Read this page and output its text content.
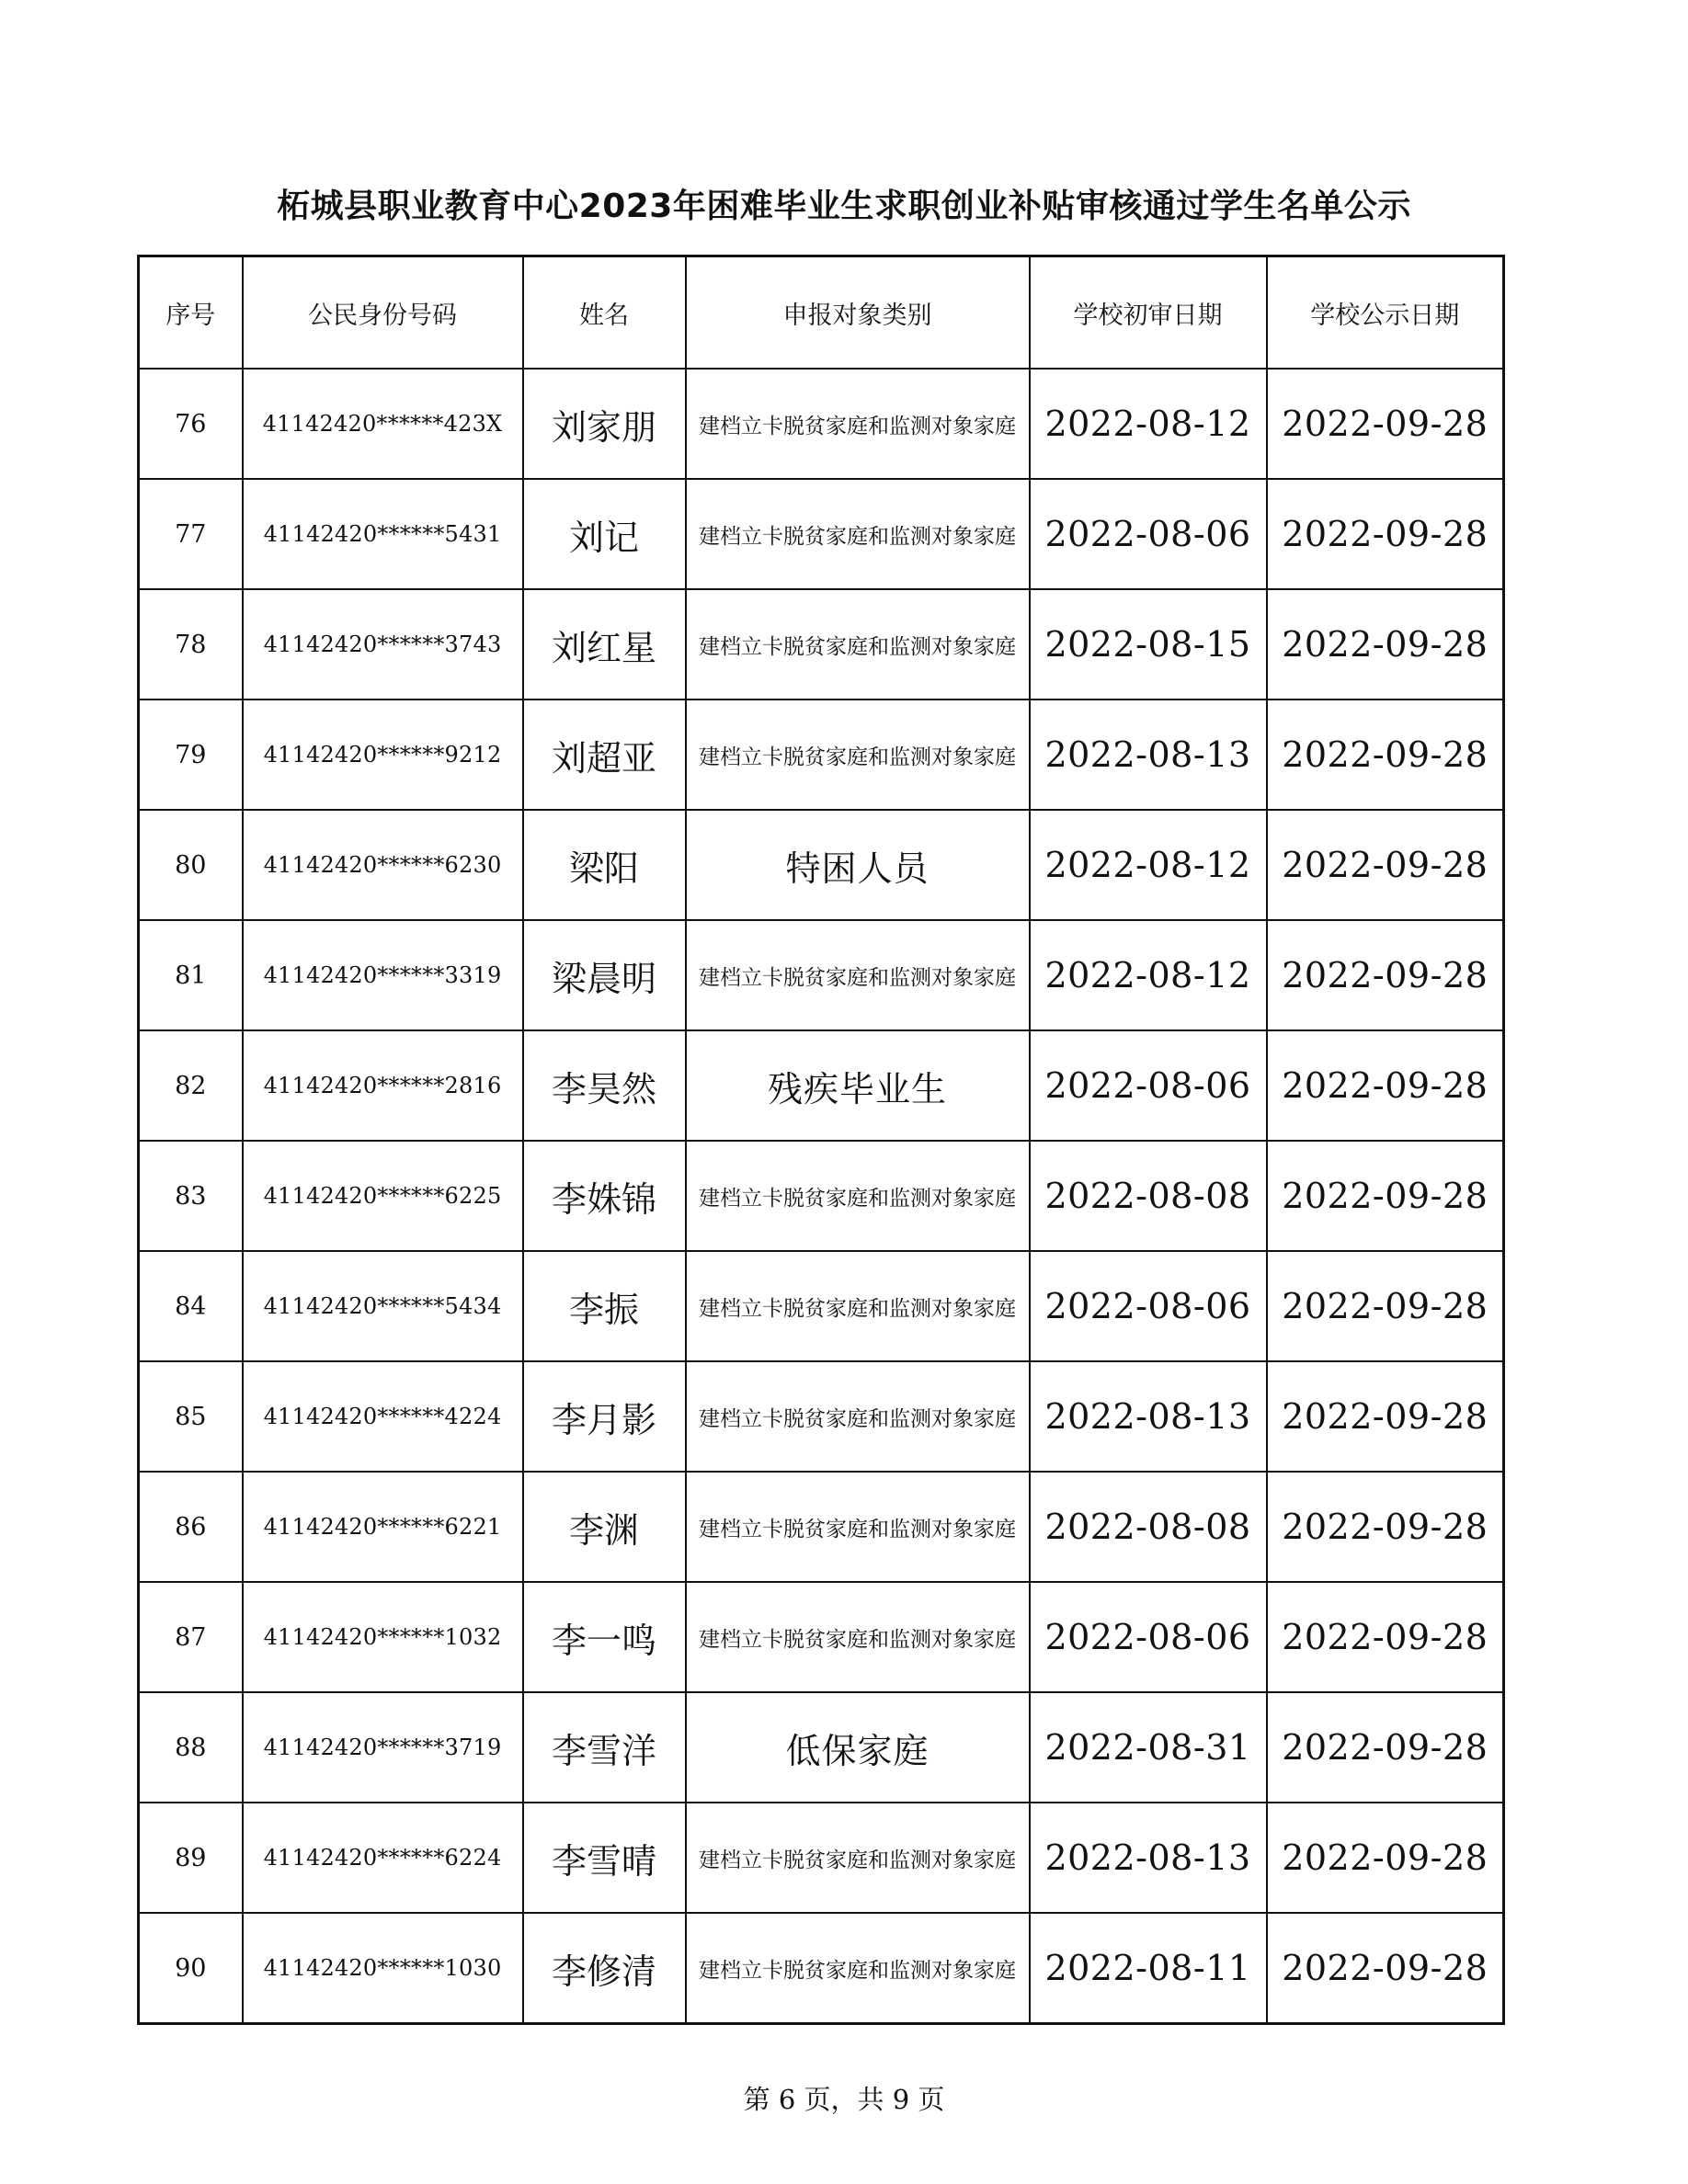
柘城县职业教育中心2023年困难毕业生求职创业补贴审核通过学生名单公示
序号	公民身份号码	姓名	申报对象类别	学校初审日期	学校公示日期
76	41142420******423X	刘家朋	建档立卡脱贫家庭和监测对象家庭	2022-08-12	2022-09-28
77	41142420******5431	刘记	建档立卡脱贫家庭和监测对象家庭	2022-08-06	2022-09-28
78	41142420******3743	刘红星	建档立卡脱贫家庭和监测对象家庭	2022-08-15	2022-09-28
79	41142420******9212	刘超亚	建档立卡脱贫家庭和监测对象家庭	2022-08-13	2022-09-28
80	41142420******6230	梁阳	特困人员	2022-08-12	2022-09-28
81	41142420******3319	梁晨明	建档立卡脱贫家庭和监测对象家庭	2022-08-12	2022-09-28
82	41142420******2816	李昊然	残疾毕业生	2022-08-06	2022-09-28
83	41142420******6225	李姝锦	建档立卡脱贫家庭和监测对象家庭	2022-08-08	2022-09-28
84	41142420******5434	李振	建档立卡脱贫家庭和监测对象家庭	2022-08-06	2022-09-28
85	41142420******4224	李月影	建档立卡脱贫家庭和监测对象家庭	2022-08-13	2022-09-28
86	41142420******6221	李渊	建档立卡脱贫家庭和监测对象家庭	2022-08-08	2022-09-28
87	41142420******1032	李一鸣	建档立卡脱贫家庭和监测对象家庭	2022-08-06	2022-09-28
88	41142420******3719	李雪洋	低保家庭	2022-08-31	2022-09-28
89	41142420******6224	李雪晴	建档立卡脱贫家庭和监测对象家庭	2022-08-13	2022-09-28
90	41142420******1030	李修清	建档立卡脱贫家庭和监测对象家庭	2022-08-11	2022-09-28
第 6 页，共 9 页
